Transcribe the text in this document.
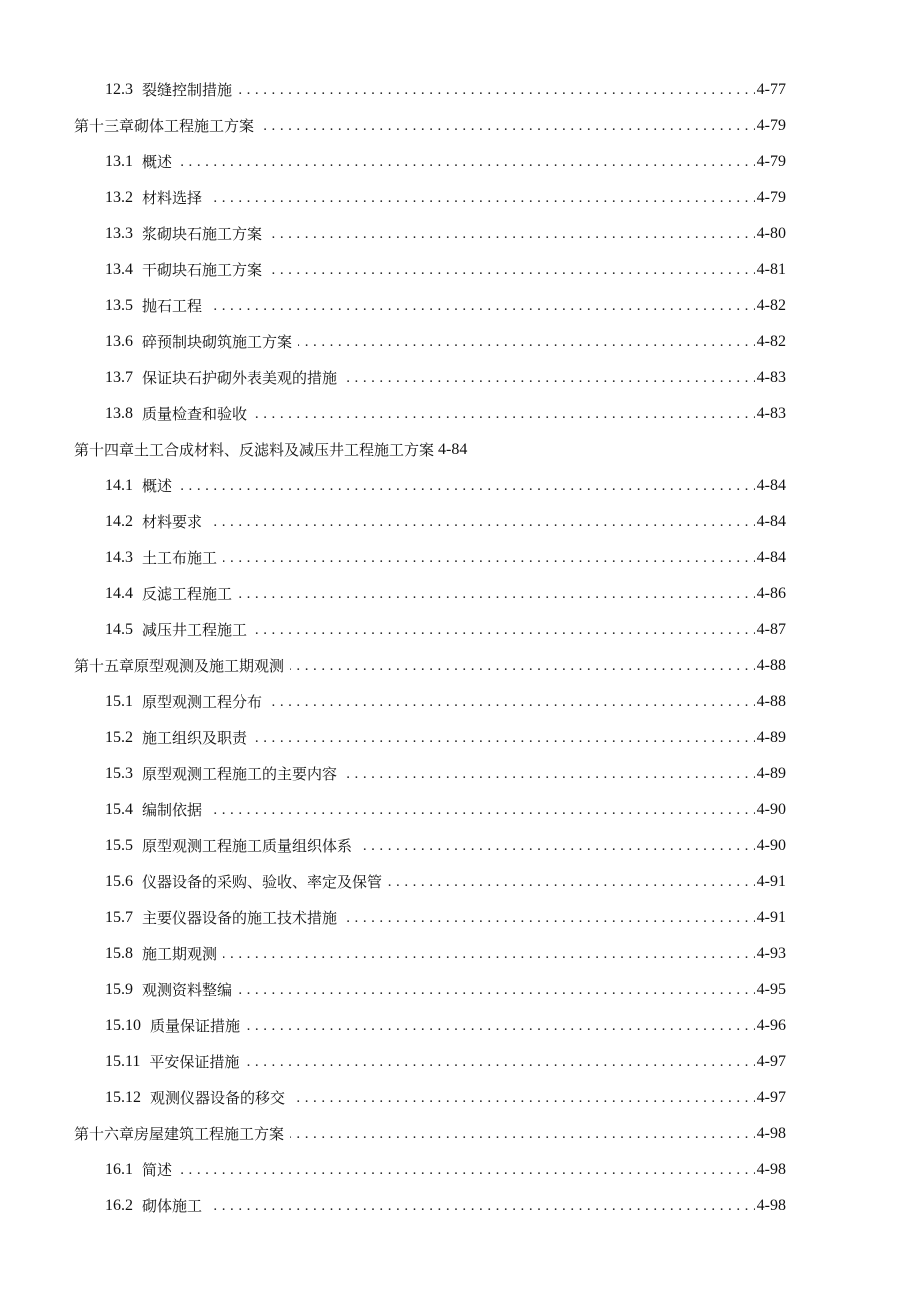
12.3 裂缝控制措施 . . .	4-77
第十三章砌体工程施工方案 . . .	4-79
13.1 概述 . . .	4-79
13.2 材料选择 . . .	4-79
13.3 浆砌块石施工方案 . . .	4-80
13.4 干砌块石施工方案 . . .	4-81
13.5 抛石工程 . . .	4-82
13.6 碎预制块砌筑施工方案 . . .	4-82
13.7 保证块石护砌外表美观的措施 . . .	4-83
13.8 质量检查和验收 . . .	4-83
第十四章土工合成材料、反滤料及减压井工程施工方案 4-84
14.1 概述 . . .	4-84
14.2 材料要求 . . .	4-84
14.3 土工布施工 . . .	4-84
14.4 反滤工程施工 . . .	4-86
14.5 减压井工程施工 . . .	4-87
第十五章原型观测及施工期观测 . . .	4-88
15.1 原型观测工程分布 . . .	4-88
15.2 施工组织及职责 . . .	4-89
15.3 原型观测工程施工的主要内容 . . .	4-89
15.4 编制依据 . . .	4-90
15.5 原型观测工程施工质量组织体系 . . .	4-90
15.6 仪器设备的采购、验收、率定及保管 . . .	4-91
15.7 主要仪器设备的施工技术措施 . . .	4-91
15.8 施工期观测 . . .	4-93
15.9 观测资料整编 . . .	4-95
15.10 质量保证措施 . . .	4-96
15.11 平安保证措施 . . .	4-97
15.12 观测仪器设备的移交 . . .	4-97
第十六章房屋建筑工程施工方案 . . .	4-98
16.1 简述 . . .	4-98
16.2 砌体施工 . . .	4-98
